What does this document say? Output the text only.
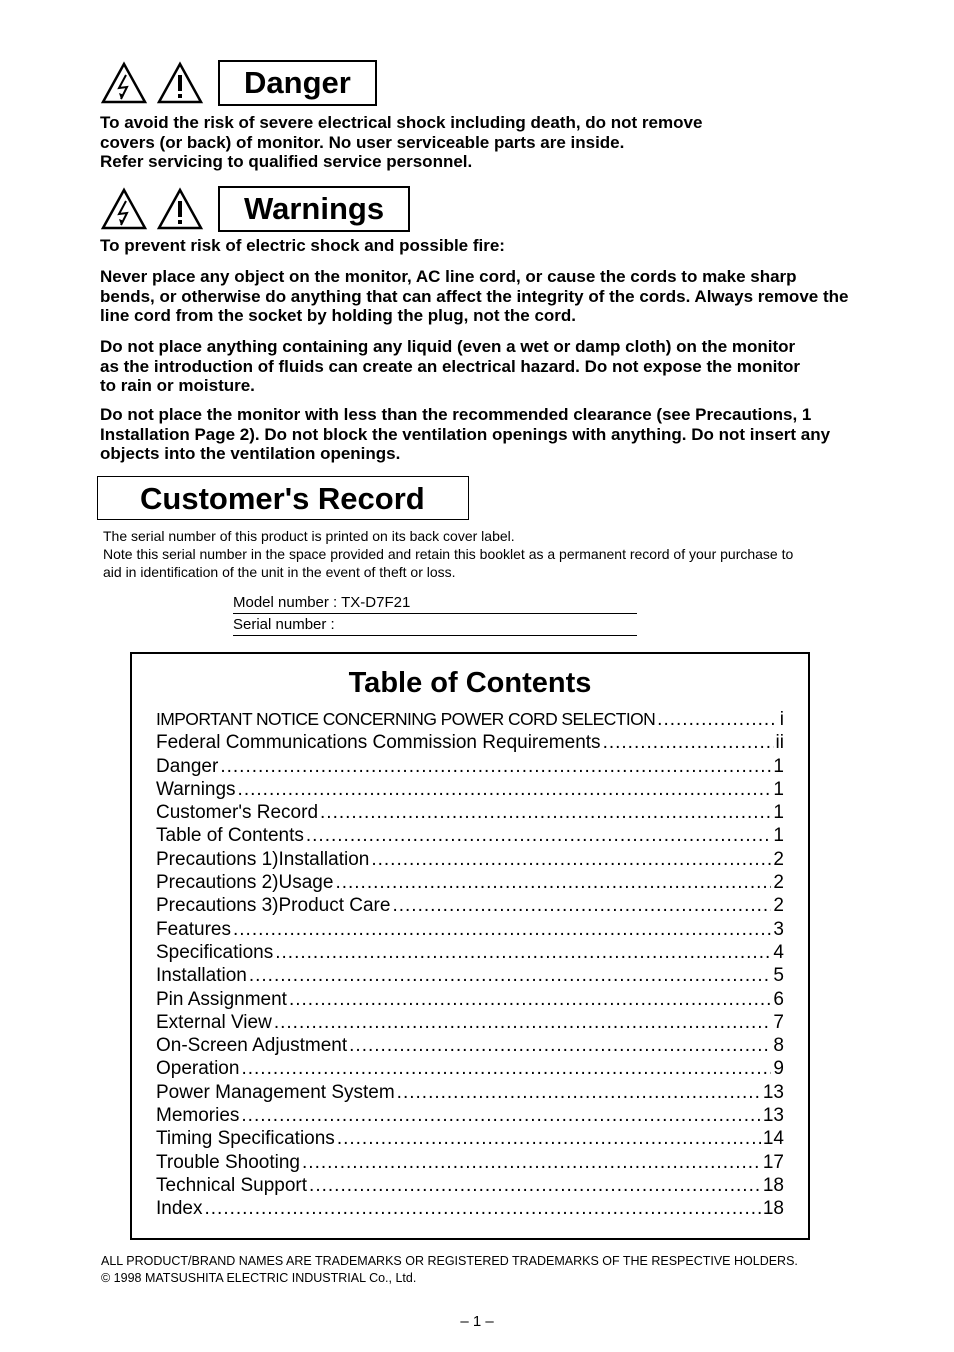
Danger

To avoid the risk of severe electrical shock including death, do not remove
covers (or back) of monitor. No user serviceable parts are inside.
Refer servicing to qualified service personnel.

Warnings

To prevent risk of electric shock and possible fire:

Never place any object on the monitor, AC line cord, or cause the cords to make sharp bends, or otherwise do anything that can affect the integrity of the cords. Always remove the line cord from the socket by holding the plug, not the cord.

Do not place anything containing any liquid (even a wet or damp cloth) on the monitor as the introduction of fluids can create an electrical hazard. Do not expose the monitor to rain or moisture.

Do not place the monitor with less than the recommended clearance (see Precautions, 1 Installation Page 2). Do not block the ventilation openings with anything. Do not insert any objects into the ventilation openings.

Customer's Record

The serial number of this product is printed on its back cover label.

Note this serial number in the space provided and retain this booklet as a permanent record of your purchase to aid in identification of the unit in the event of theft or loss.

Model number : TX-D7F21
Serial number :
Table of Contents
IMPORTANT NOTICE CONCERNING POWER CORD SELECTION .....	i
Federal Communications Commission Requirements .....	ii
Danger .....	1
Warnings .....	1
Customer's Record .....	1
Table of Contents .....	1
Precautions 1)Installation .....	2
Precautions 2)Usage .....	2
Precautions 3)Product Care .....	2
Features .....	3
Specifications .....	4
Installation .....	5
Pin Assignment .....	6
External View .....	7
On-Screen Adjustment .....	8
Operation .....	9
Power Management System .....	13
Memories .....	13
Timing Specifications .....	14
Trouble Shooting .....	17
Technical Support .....	18
Index .....	18

ALL PRODUCT/BRAND NAMES ARE TRADEMARKS OR REGISTERED TRADEMARKS OF THE RESPECTIVE HOLDERS.

© 1998 MATSUSHITA ELECTRIC INDUSTRIAL Co., Ltd.

– 1 –
